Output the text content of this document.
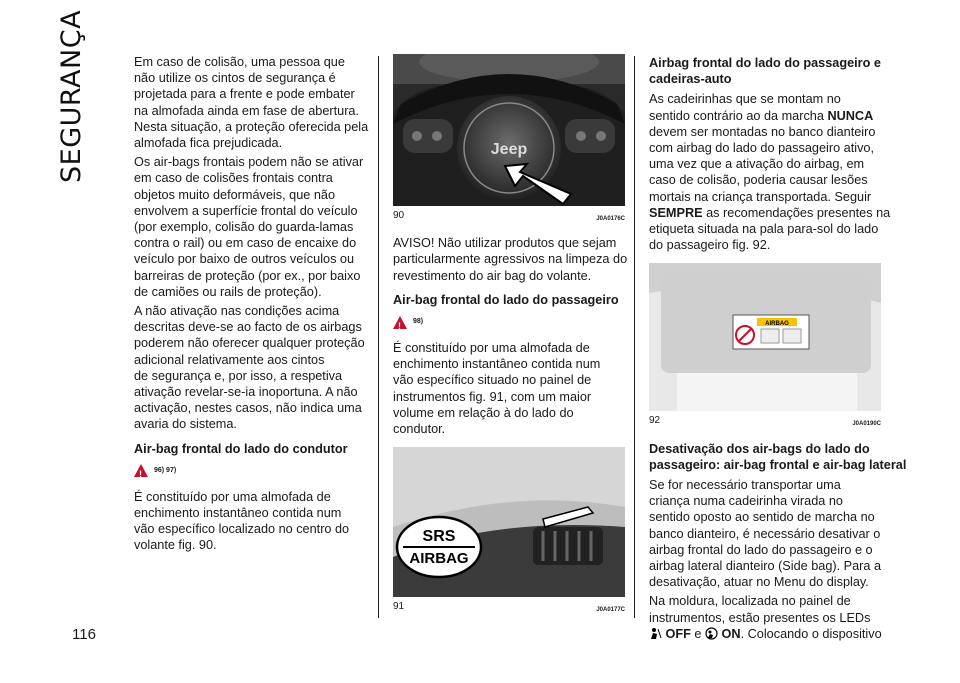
SEGURANÇA
116

Em caso de colisão, uma pessoa que
não utilize os cintos de segurança é
projetada para a frente e pode embater
na almofada ainda em fase de abertura.
Nesta situação, a proteção oferecida pela
almofada fica prejudicada.

Os air-bags frontais podem não se ativar
em caso de colisões frontais contra
objetos muito deformáveis, que não
envolvem a superfície frontal do veículo
(por exemplo, colisão do guarda-lamas
contra o rail) ou em caso de encaixe do
veículo por baixo de outros veículos ou
barreiras de proteção (por ex., por baixo
de camiões ou rails de proteção).

A não ativação nas condições acima
descritas deve-se ao facto de os airbags
poderem não oferecer qualquer proteção
adicional relativamente aos cintos
de segurança e, por isso, a respetiva
ativação revelar-se-ia inoportuna. A não
activação, nestes casos, não indica uma
avaria do sistema.

Air-bag frontal do lado do condutor
!
96) 97)

É constituído por uma almofada de
enchimento instantâneo contida num
vão específico localizado no centro do
volante fig. 90.

Jeep
90	J0A0176C

AVISO! Não utilizar produtos que sejam
particularmente agressivos na limpeza do
revestimento do air bag do volante.

Air-bag frontal do lado do passageiro
!
98)

É constituído por uma almofada de
enchimento instantâneo contida num
vão específico situado no painel de
instrumentos fig. 91, com um maior
volume em relação à do lado do
condutor.

SRS
AIRBAG
91	J0A0177C
Airbag frontal do lado do passageiro e
cadeiras-auto

As cadeirinhas que se montam no
sentido contrário ao da marcha NUNCA
devem ser montadas no banco dianteiro
com airbag do lado do passageiro ativo,
uma vez que a ativação do airbag, em
caso de colisão, poderia causar lesões
mortais na criança transportada. Seguir
SEMPRE as recomendações presentes na
etiqueta situada na pala para-sol do lado
do passageiro fig. 92.

AIRBAG
92	J0A0190C
Desativação dos air-bags do lado do
passageiro: air-bag frontal e air-bag lateral

Se for necessário transportar uma
criança numa cadeirinha virada no
sentido oposto ao sentido de marcha no
banco dianteiro, é necessário desativar o
airbag frontal do lado do passageiro e o
airbag lateral dianteiro (Side bag). Para a
desativação, atuar no Menu do display.

Na moldura, localizada no painel de
instrumentos, estão presentes os LEDs
OFF e  ON. Colocando o dispositivo
